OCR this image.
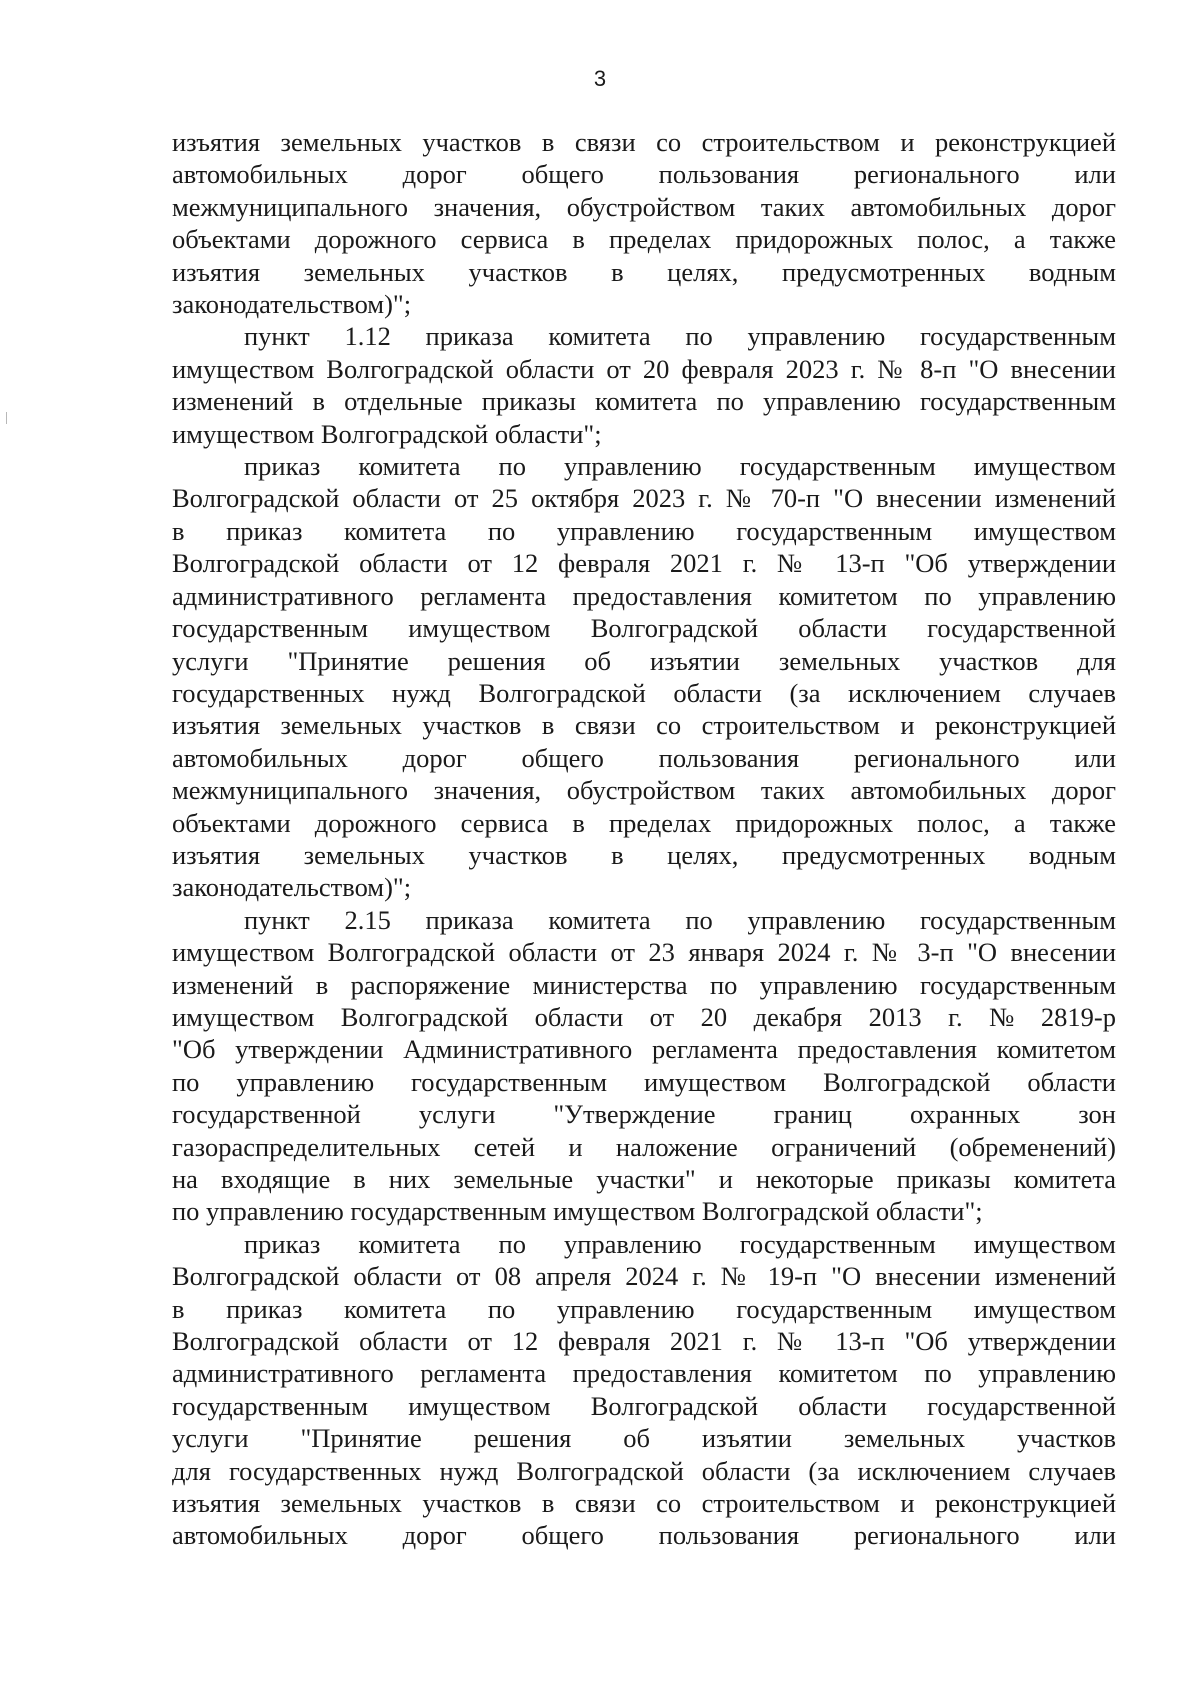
3
изъятия земельных участков в связи со строительством и реконструкцией
автомобильных дорог общего пользования регионального или
межмуниципального значения, обустройством таких автомобильных дорог
объектами дорожного сервиса в пределах придорожных полос, а также
изъятия земельных участков в целях, предусмотренных водным
законодательством)";
пункт 1.12 приказа комитета по управлению государственным
имуществом Волгоградской области от 20 февраля 2023 г. № 8-п "О внесении
изменений в отдельные приказы комитета по управлению государственным
имуществом Волгоградской области";
приказ комитета по управлению государственным имуществом
Волгоградской области от 25 октября 2023 г. № 70-п "О внесении изменений
в приказ комитета по управлению государственным имуществом
Волгоградской области от 12 февраля 2021 г. № 13-п "Об утверждении
административного регламента предоставления комитетом по управлению
государственным имуществом Волгоградской области государственной
услуги "Принятие решения об изъятии земельных участков для
государственных нужд Волгоградской области (за исключением случаев
изъятия земельных участков в связи со строительством и реконструкцией
автомобильных дорог общего пользования регионального или
межмуниципального значения, обустройством таких автомобильных дорог
объектами дорожного сервиса в пределах придорожных полос, а также
изъятия земельных участков в целях, предусмотренных водным
законодательством)";
пункт 2.15 приказа комитета по управлению государственным
имуществом Волгоградской области от 23 января 2024 г. № 3-п "О внесении
изменений в распоряжение министерства по управлению государственным
имуществом Волгоградской области от 20 декабря 2013 г. № 2819-р
"Об утверждении Административного регламента предоставления комитетом
по управлению государственным имуществом Волгоградской области
государственной услуги "Утверждение границ охранных зон
газораспределительных сетей и наложение ограничений (обременений)
на входящие в них земельные участки" и некоторые приказы комитета
по управлению государственным имуществом Волгоградской области";
приказ комитета по управлению государственным имуществом
Волгоградской области от 08 апреля 2024 г. № 19-п "О внесении изменений
в приказ комитета по управлению государственным имуществом
Волгоградской области от 12 февраля 2021 г. № 13-п "Об утверждении
административного регламента предоставления комитетом по управлению
государственным имуществом Волгоградской области государственной
услуги "Принятие решения об изъятии земельных участков
для государственных нужд Волгоградской области (за исключением случаев
изъятия земельных участков в связи со строительством и реконструкцией
автомобильных дорог общего пользования регионального или
